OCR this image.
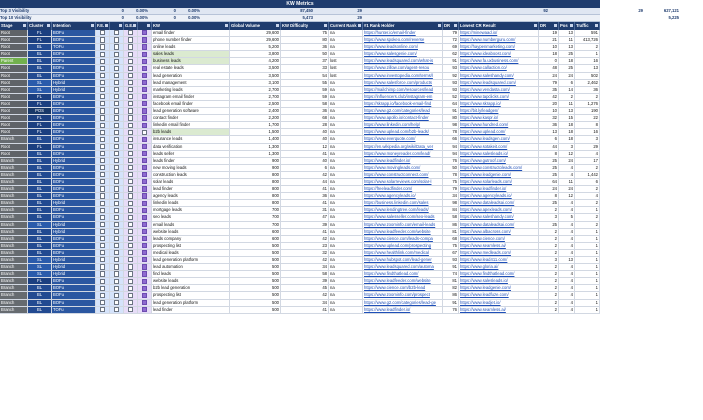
KW Metrics
Top 3 Visibility	0	0.00%	0	0.00%	87,450	29	92	29	627,121
Top 10 Visibility	0	0.00%	0	0.00%	5,473	29	5,225
Stage	Cluster	Intention	F.E.	G.E.	KW	Global Volume	KW Difficulty	Current Rank	#1 Rank Holder	DR	Lowest CR Result	DR	Pos	Traffic
Root	FL	BOFu	email finder	29,600	75 na	https://hunter.io/email-finder	79 https://minewaad.io/	19	13	591
Root	FL	BOFu	phone number finder	29,600	80 na	https://www.spokeo.com/reverse	72 https://www.numberguru.com/	21	11	413,726
Root	BL	TOFu	online leads	5,200	36 na	https://www.leadsonline.com/	69 https://haypenmarketing.com/	10	13	2
Root	BL	BOFu	sales leads	3,800	50 na	https://www.salesgenie.com/	62 https://www.ideaboost.com/	18	25	1
Parent	BL	BOFu	business leads	4,200	37 lost	https://www.leadsquared.com/what-is	91 https://www.fa.uxbusiness.com/	0	18	16
Root	BL	BOFu	real estate leads	3,500	33 lost	https://www.zillow.com/agent-resou	93 https://www.callaction.co/	48	25	13
Root	BL	BOFu	lead generation	3,500	54 lost	https://www.investopedia.com/terms/l	92 https://www.saleshandy.com/	24	24	502
Root	SL	Hybrid	lead management	3,100	55 na	https://www.salesforce.com/products	93 https://www.leadsquared.com/	79	6	2,462
Root	SL	Hybrid	marketing leads	2,700	59 na	https://mailchimp.com/resources/lead	93 https://www.vendasta.com/	35	14	36
Root	FL	BOFu	instagram email finder	2,700	59 na	https://influencers.club/instagram-em	52 https://www.tapclicks.com/	42	2	2
Root	FL	BOFu	facebook email finder	2,500	58 na	https://skrapp.io/facebook-email-find	64 https://www.skrapp.io/	20	11	1,276
Root	POS	BOFu	lead generation software	2,400	36 na	https://www.g2.com/categories/lead	91 https://bit.ly/leadgen/	10	13	190
Root	FL	BOFu	contact finder	2,200	68 na	https://www.apollo.io/contact-finder	80 https://www.kaspr.io/	32	15	22
Root	FL	BOFu	linkedin email finder	1,700	28 na	https://www.linkedin.com/help/	98 https://www.hundred.com/	36	18	8
Root	FL	BOFu	b2b leads	1,500	40 na	https://www.uplead.com/b2b-leads/	78 https://www.uplead.com/	13	18	16
Branch	BL	BOFu	insurance leads	1,400	40 na	https://www.everquote.com/	66 https://www.leadsgen.com/	6	18	3
Root	FL	BOFu	data verification	1,300	12 na	https://en.wikipedia.org/wiki/Data_ver	94 https://www.sotakeit.com/	44	3	29
Root	BL	BOFu	leads seller	1,300	41 na	https://www.moneyreader.com/lead/	94 https://www.salesleads.io/	8	12	4
Branch	BL	Hybrid	leads finder	900	40 na	https://www.leadfinder.io/	76 https://www.gutroof.com/	25	24	17
Branch	BL	BOFu	new moving leads	900	6 na	https://www.movingleads.com/	50 https://www.constructoleads.com/	25	4	2
Branch	BL	BOFu	construction leads	800	42 na	https://www.constructconnect.com/	78 https://www.leadgenie.com/	25	4	1,442
Branch	BL	BOFu	solar leads	800	44 na	https://www.solarreviews.com/solar-l	75 https://www.solarleads.com/	64	11	6
Branch	BL	BOFu	lead finder	800	41 na	https://freeleadfinder.com/	79 https://www.leadfinder.io/	24	24	2
Branch	BL	BOFu	agency leads	800	36 na	https://www.agencyleads.io/	34 https://www.agencyleads.io/	8	12	4
Branch	BL	Hybrid	linkedin leads	800	41 na	https://business.linkedin.com/sales	98 https://www.dataleadsai.com/	25	4	2
Branch	BL	BOFu	mortgage leads	700	31 na	https://www.lendingtree.com/leads/	84 https://www.apexleads.com/	2	4	1
Branch	BL	BOFu	seo leads	700	47 na	https://www.salesseller.com/seo-leads	58 https://www.saleshandy.com/	3	5	2
Branch	SL	Hybrid	email leads	700	39 na	https://www.zoominfo.com/email-leads	86 https://www.dataleadsai.com/	25	4	2
Branch	BL	Hybrid	website leads	600	41 na	https://www.leadfeeder.com/website	81 https://www.albacross.com/	2	4	1
Branch	BL	BOFu	leads company	600	42 na	https://www.cience.com/leads-compa	68 https://www.cience.com/	2	4	1
Branch	BL	BOFu	prospecting list	500	23 na	https://www.uplead.com/prospecting	75 https://www.seamless.ai/	2	4	1
Branch	BL	BOFu	medical leads	500	32 na	https://www.healthlink.com/medical	67 https://www.medleads.com/	2	4	1
Branch	SL	Hybrid	lead generation platform	500	42 na	https://www.hubspot.com/lead-gener	93 https://www.lead411.com/	3	13	1
Branch	SL	Hybrid	lead automation	500	34 na	https://www.leadsquared.com/automa	91 https://www.gloria.ai/	2	4	1
Branch	SL	Hybrid	find leads	500	58 na	https://www.findthatlead.com/	74 https://www.findthatlead.com/	2	4	1
Branch	FL	BOFu	website leads	500	39 na	https://www.leadfeeder.com/website	81 https://www.salesleads.io/	2	4	1
Branch	BL	BOFu	b2b lead generation	500	45 na	https://www.cience.com/b2b-lead	82 https://www.leadgenie.com/	2	4	1
Branch	BL	BOFu	prospecting list	500	42 na	https://www.zoominfo.com/prospect	86 https://www.leadfuze.com/	2	4	1
Branch	BL	BOFu	lead generation platform	500	34 na	https://www.g2.com/categories/lead-ge	91 https://www.leadjet.io/	2	4	1
Branch	BL	TOFu	lead finder	500	41 na	https://www.leadfinder.io/	76 https://www.seamless.ai/	2	4	1
